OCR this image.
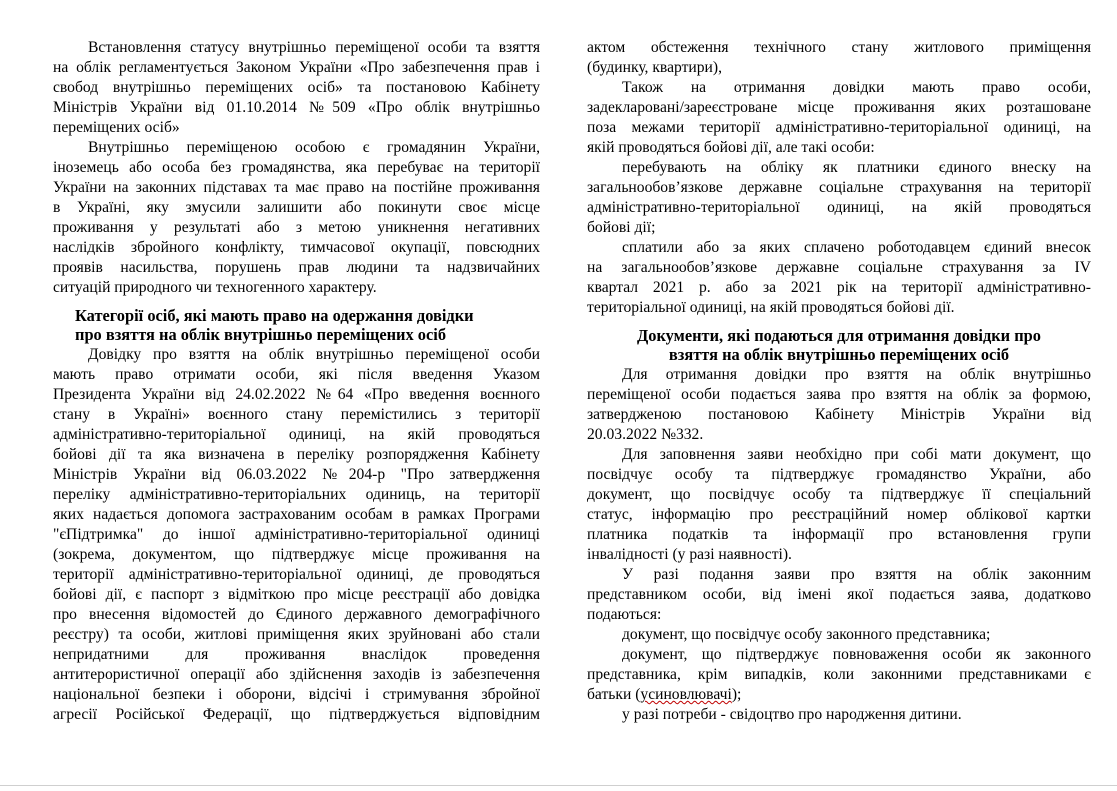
Встановлення статусу внутрішньо переміщеної особи та взяття
на облік регламентується Законом України «Про забезпечення прав і
свобод внутрішньо переміщених осіб» та постановою Кабінету
Міністрів України від 01.10.2014 №509 «Про облік внутрішньо
переміщених осіб»
Внутрішньо переміщеною особою є громадянин України,
іноземець або особа без громадянства, яка перебуває на території
України на законних підставах та має право на постійне проживання
в Україні, яку змусили залишити або покинути своє місце
проживання у результаті або з метою уникнення негативних
наслідків збройного конфлікту, тимчасової окупації, повсюдних
проявів насильства, порушень прав людини та надзвичайних
ситуацій природного чи техногенного характеру.
Категорії осіб, які мають право на одержання довідки
про взяття на облік внутрішньо переміщених осіб
Довідку про взяття на облік внутрішньо переміщеної особи
мають право отримати особи, які після введення Указом
Президента України від 24.02.2022 №64 «Про введення воєнного
стану в Україні» воєнного стану перемістились з території
адміністративно-територіальної одиниці, на якій проводяться
бойові дії та яка визначена в переліку розпорядження Кабінету
Міністрів України від 06.03.2022 №204-р "Про затвердження
переліку адміністративно-територіальних одиниць, на території
яких надається допомога застрахованим особам в рамках Програми
"єПідтримка" до іншої адміністративно-територіальної одиниці
(зокрема, документом, що підтверджує місце проживання на
території адміністративно-територіальної одиниці, де проводяться
бойові дії, є паспорт з відміткою про місце реєстрації або довідка
про внесення відомостей до Єдиного державного демографічного
реєстру) та особи, житлові приміщення яких зруйновані або стали
непридатними для проживання внаслідок проведення
антитерористичної операції або здійснення заходів із забезпечення
національної безпеки і оборони, відсічі і стримування збройної
агресії Російської Федерації, що підтверджується відповідним
актом обстеження технічного стану житлового приміщення
(будинку, квартири),
Також на отримання довідки мають право особи,
задекларовані/зареєстроване місце проживання яких розташоване
поза межами території адміністративно-територіальної одиниці, на
якій проводяться бойові дії, але такі особи:
перебувають на обліку як платники єдиного внеску на
загальнообов’язкове державне соціальне страхування на території
адміністративно-територіальної одиниці, на якій проводяться
бойові дії;
сплатили або за яких сплачено роботодавцем єдиний внесок
на загальнообов’язкове державне соціальне страхування за IV
квартал 2021 р. або за 2021 рік на території адміністративно-
територіальної одиниці, на якій проводяться бойові дії.
Документи, які подаються для отримання довідки про
взяття на облік внутрішньо переміщених осіб
Для отримання довідки про взяття на облік внутрішньо
переміщеної особи подається заява про взяття на облік за формою,
затвердженою постановою Кабінету Міністрів України від
20.03.2022 №332.
Для заповнення заяви необхідно при собі мати документ, що
посвідчує особу та підтверджує громадянство України, або
документ, що посвідчує особу та підтверджує її спеціальний
статус, інформацію про реєстраційний номер облікової картки
платника податків та інформації про встановлення групи
інвалідності (у разі наявності).
У разі подання заяви про взяття на облік законним
представником особи, від імені якої подається заява, додатково
подаються:
документ, що посвідчує особу законного представника;
документ, що підтверджує повноваження особи як законного
представника, крім випадків, коли законними представниками є
батьки (усиновлювачі);
у разі потреби - свідоцтво про народження дитини.
